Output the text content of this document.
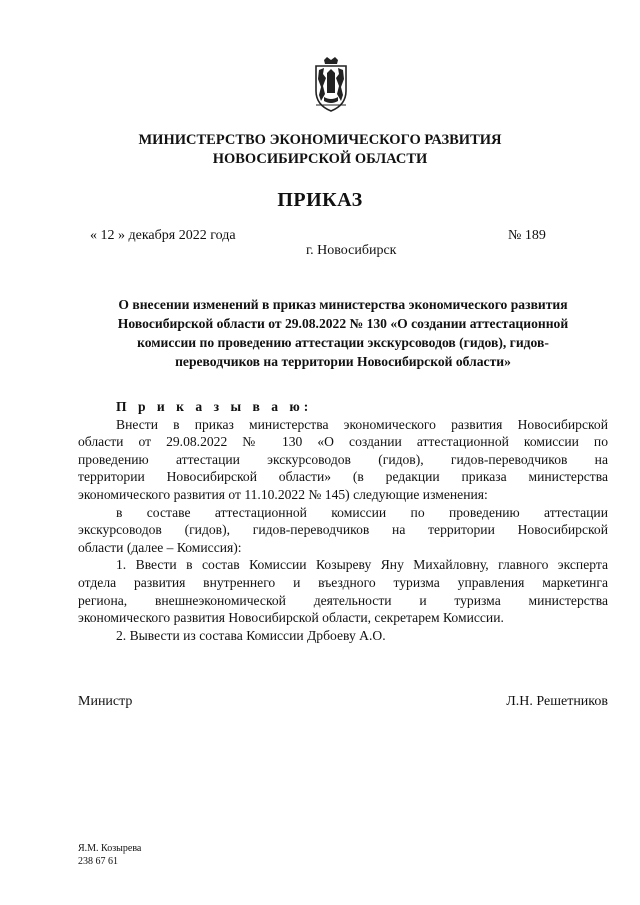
МИНИСТЕРСТВО ЭКОНОМИЧЕСКОГО РАЗВИТИЯ
НОВОСИБИРСКОЙ ОБЛАСТИ
ПРИКАЗ
« 12 » декабря 2022 года	№ 189
г. Новосибирск
О внесении изменений в приказ министерства экономического развития
Новосибирской области от 29.08.2022 № 130 «О создании аттестационной
комиссии по проведению аттестации экскурсоводов (гидов), гидов-
переводчиков на территории Новосибирской области»
П р и к а з ы в а ю:
Внести в приказ министерства экономического развития Новосибирской
области от 29.08.2022 № 130 «О создании аттестационной комиссии по
проведению аттестации экскурсоводов (гидов), гидов-переводчиков на
территории Новосибирской области» (в редакции приказа министерства
экономического развития от 11.10.2022 № 145) следующие изменения:
в составе аттестационной комиссии по проведению аттестации
экскурсоводов (гидов), гидов-переводчиков на территории Новосибирской
области (далее – Комиссия):
1. Ввести в состав Комиссии Козыреву Яну Михайловну, главного эксперта
отдела развития внутреннего и въездного туризма управления маркетинга
региона, внешнеэкономической деятельности и туризма министерства
экономического развития Новосибирской области, секретарем Комиссии.
2. Вывести из состава Комиссии Дрбоеву А.О.
Министр	Л.Н. Решетников
Я.М. Козырева
238 67 61
